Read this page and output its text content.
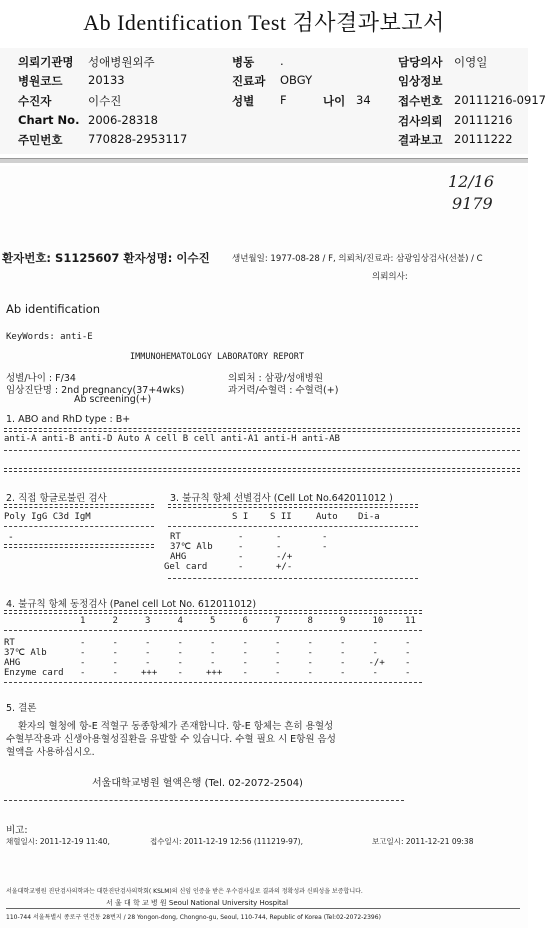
Ab Identification Test 검사결과보고서
의뢰기관명 성애병원외주	병동 .	담당의사 이영일
병원코드 20133	진료과 OBGY	임상정보
수진자	이수진	성별 F	나이 34 접수번호 20111216-0917
Chart No. 2006-28318	검사의뢰 20111216
주민번호 770828-2953117	결과보고 20111222
12/16
9179
환자번호: S1125607 환자성명: 이수진	생년월일: 1977-08-28 / F, 의뢰처/진료과: 삼광임상검사(선불) / C
의뢰의사:
Ab identification
KeyWords: anti-E
IMMUNOHEMATOLOGY LABORATORY REPORT
성별/나이 : F/34	의뢰처 : 삼광/성애병원
임상진단명 : 2nd pregnancy(37+4wks)	과거력/수혈력 : 수혈력(+)
Ab screening(+)
1. ABO and RhD type : B+
anti-A anti-B anti-D Auto A cell B cell anti-A1 anti-H anti-AB
2. 직접 항글로불린 검사
Poly IgG C3d IgM
-
3. 불규칙 항체 선별검사 (Cell Lot No.642011012 )
4. 불규칙 항체 동정검사 (Panel cell Lot No. 612011012)
5. 결론
환자의 혈청에 항-E 적혈구 동종항체가 존재합니다. 항-E 항체는 흔히 용혈성
수혈부작용과 신생아용혈성질환을 유발할 수 있습니다. 수혈 필요 시 E항원 음성
혈액을 사용하십시오.
서울대학교병원 혈액은행 (Tel. 02-2072-2504)
비고:
채혈일시: 2011-12-19 11:40,	접수일시: 2011-12-19 12:56 (111219-97),	보고일시: 2011-12-21 09:38
서울대학교병원 진단검사의학과는 대한진단검사의학회( KSLM)의 신임 인증을 받은 우수검사실로 결과의 정확성과 신뢰성을 보증합니다.
서 울 대 학 교 병 원 Seoul National University Hospital
110-744 서울특별시 종로구 연건동 28번지 / 28 Yongon-dong, Chongno-gu, Seoul, 110-744, Republic of Korea (Tel:02-2072-2396)
S I S II	Auto Di-a
RT	-	-	-
37℃ Alb	-	-	-
AHG	-	-/+
Gel card	-	+/-
1	2	3	4	5	6	7	8	9	10 11
RT	-	-	-	-	-	-	-	-	-	-	-
37℃ Alb	-	-	-	-	-	-	-	-	-	-	-
AHG	-	-	-	-	-	-	-	-	-	-/+ -
Enzyme card -	-	+++ -	+++ -	-	-	-	-	-
